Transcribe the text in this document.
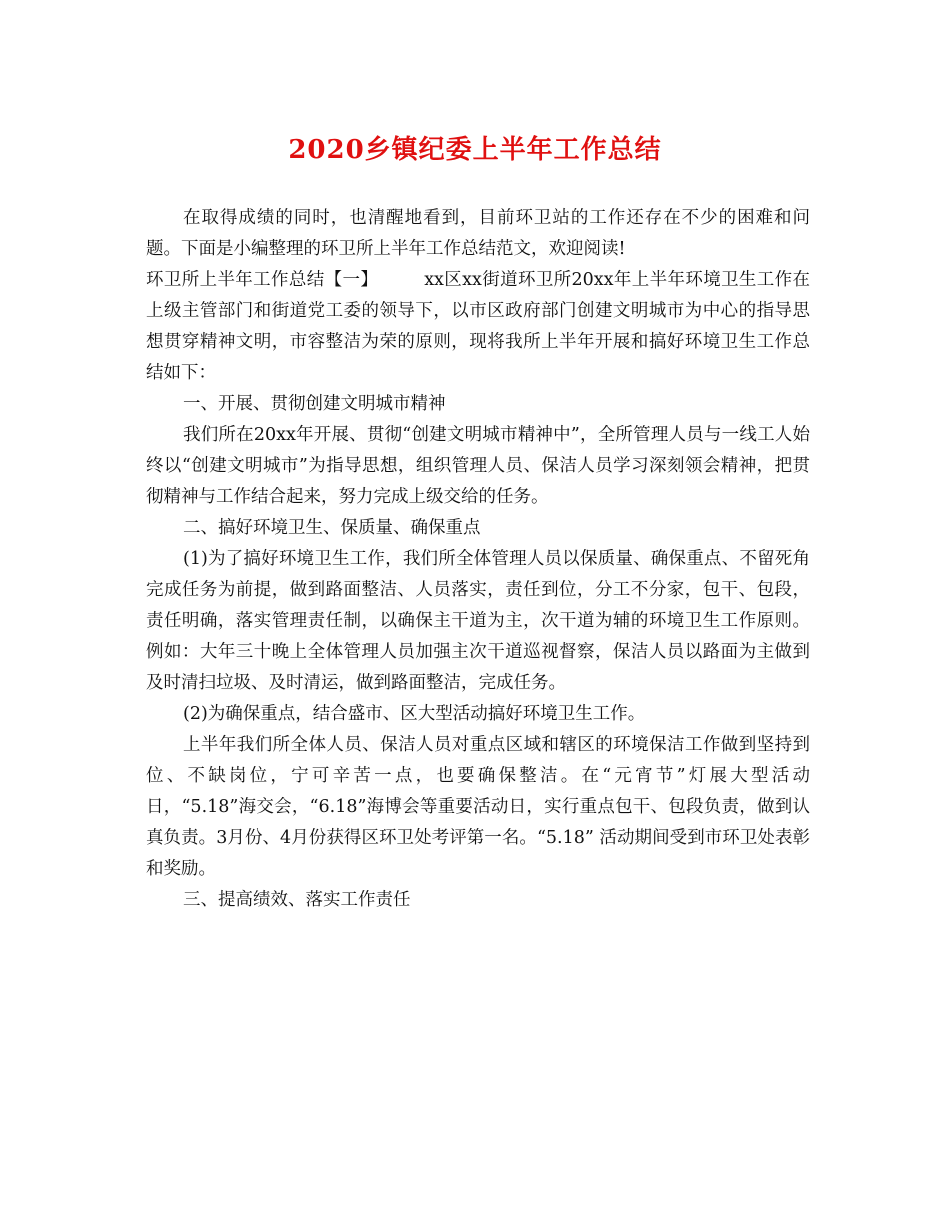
2020乡镇纪委上半年工作总结

在取得成绩的同时，也清醒地看到，目前环卫站的工作还存在不少的困难和问题。下面是小编整理的环卫所上半年工作总结范文，欢迎阅读!

环卫所上半年工作总结【一】	xx区xx街道环卫所20xx年上半年环境卫生工作在上级主管部门和街道党工委的领导下，以市区政府部门创建文明城市为中心的指导思想贯穿精神文明，市容整洁为荣的原则，现将我所上半年开展和搞好环境卫生工作总结如下：

一、开展、贯彻创建文明城市精神

我们所在20xx年开展、贯彻“创建文明城市精神中”，全所管理人员与一线工人始终以“创建文明城市”为指导思想，组织管理人员、保洁人员学习深刻领会精神，把贯彻精神与工作结合起来，努力完成上级交给的任务。

二、搞好环境卫生、保质量、确保重点

(1)为了搞好环境卫生工作，我们所全体管理人员以保质量、确保重点、不留死角完成任务为前提，做到路面整洁、人员落实，责任到位，分工不分家，包干、包段，责任明确，落实管理责任制，以确保主干道为主，次干道为辅的环境卫生工作原则。例如：大年三十晚上全体管理人员加强主次干道巡视督察，保洁人员以路面为主做到及时清扫垃圾、及时清运，做到路面整洁，完成任务。

(2)为确保重点，结合盛市、区大型活动搞好环境卫生工作。

上半年我们所全体人员、保洁人员对重点区域和辖区的环境保洁工作做到坚持到位、不缺岗位，宁可辛苦一点，也要确保整洁。在“元宵节”灯展大型活动日，“5.18”海交会，“6.18”海博会等重要活动日，实行重点包干、包段负责，做到认真负责。3月份、4月份获得区环卫处考评第一名。“5.18” 活动期间受到市环卫处表彰和奖励。

三、提高绩效、落实工作责任
